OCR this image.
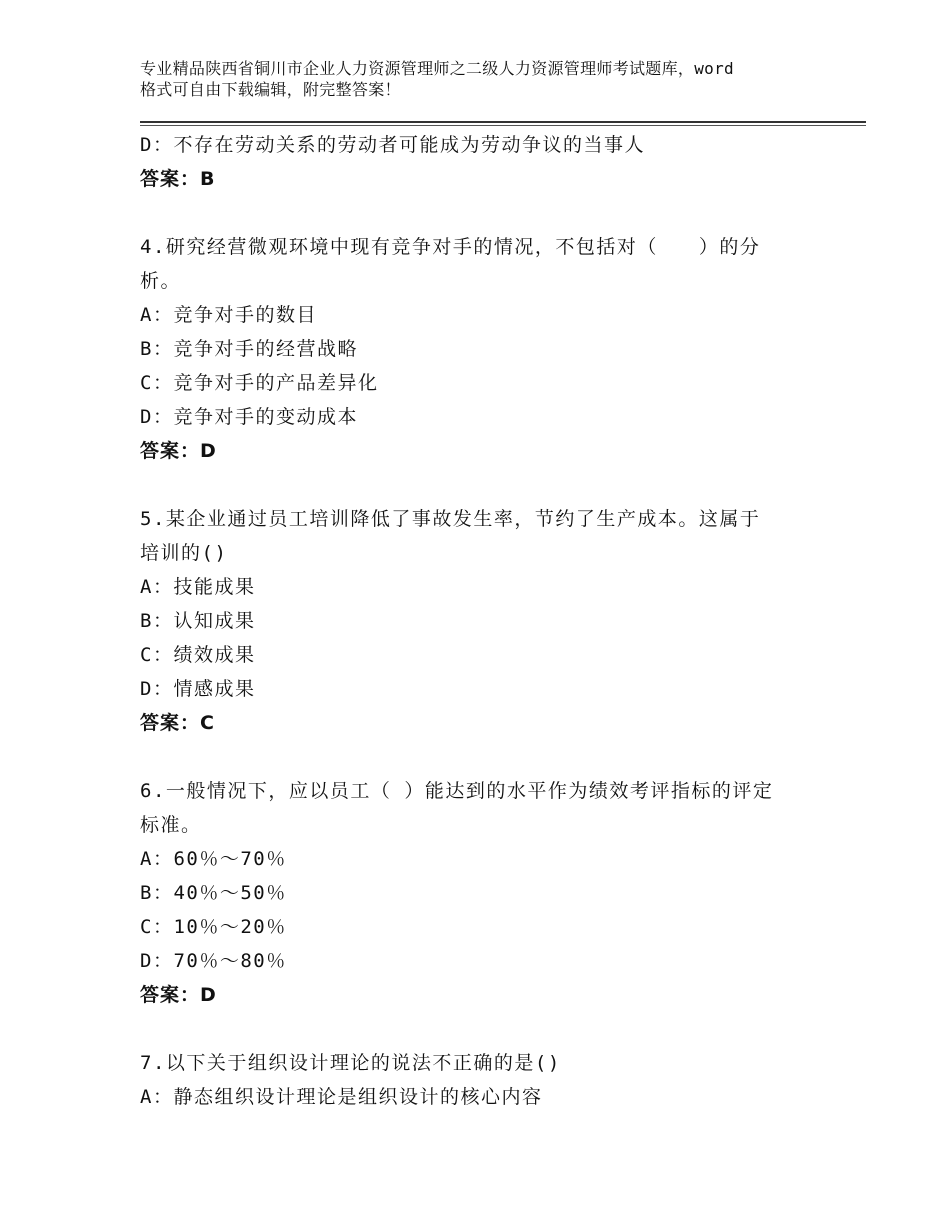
专业精品陕西省铜川市企业人力资源管理师之二级人力资源管理师考试题库，word
格式可自由下载编辑，附完整答案！
D：不存在劳动关系的劳动者可能成为劳动争议的当事人
答案：B
4.研究经营微观环境中现有竞争对手的情况，不包括对（　　）的分
析。
A：竞争对手的数目
B：竞争对手的经营战略
C：竞争对手的产品差异化
D：竞争对手的变动成本
答案：D
5.某企业通过员工培训降低了事故发生率，节约了生产成本。这属于
培训的()
A：技能成果
B：认知成果
C：绩效成果
D：情感成果
答案：C
6.一般情况下，应以员工（ ）能达到的水平作为绩效考评指标的评定
标准。
A：60％～70％
B：40％～50％
C：10％～20％
D：70％～80％
答案：D
7.以下关于组织设计理论的说法不正确的是()
A：静态组织设计理论是组织设计的核心内容
